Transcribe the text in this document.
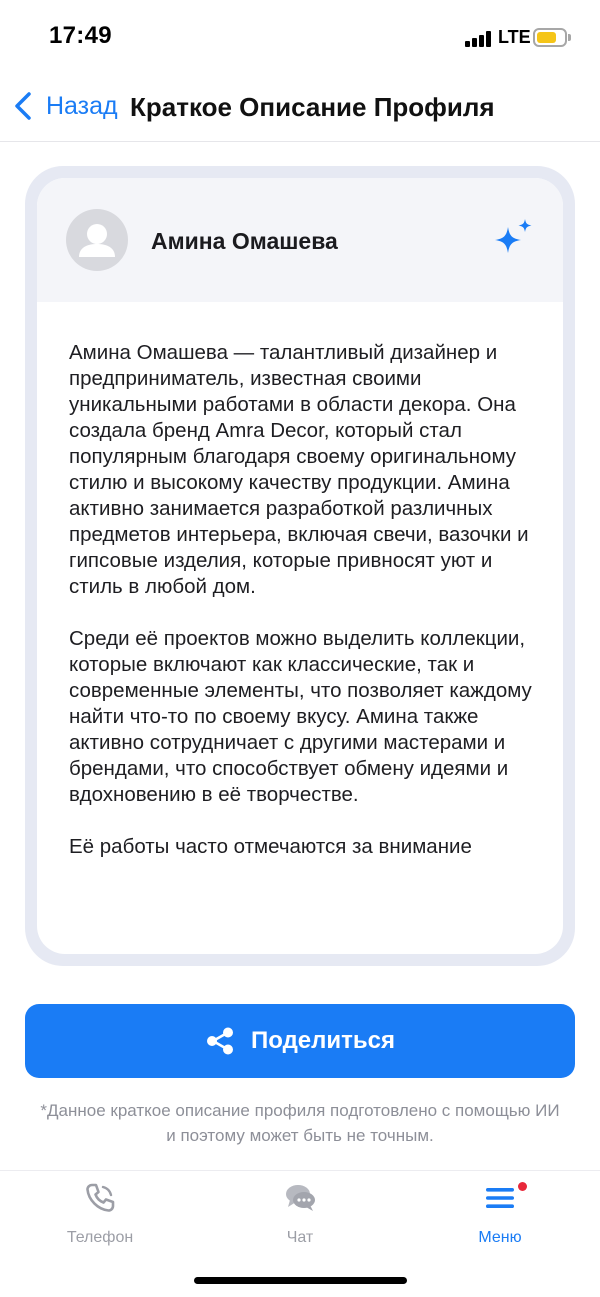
17:49	LTE
Назад Краткое Описание Профиля
Амина Омашева

Амина Омашева — талантливый дизайнер и предприниматель, известная своими уникальными работами в области декора. Она создала бренд Amra Decor, который стал популярным благодаря своему оригинальному стилю и высокому качеству продукции. Амина активно занимается разработкой различных предметов интерьера, включая свечи, вазочки и гипсовые изделия, которые привносят уют и стиль в любой дом.

Среди её проектов можно выделить коллекции, которые включают как классические, так и современные элементы, что позволяет каждому найти что-то по своему вкусу. Амина также активно сотрудничает с другими мастерами и брендами, что способствует обмену идеями и вдохновению в её творчестве.

Её работы часто отмечаются за внимание

Поделиться
*Данное краткое описание профиля подготовлено с помощью ИИ и поэтому может быть не точным.
Телефон	Чат	Меню
